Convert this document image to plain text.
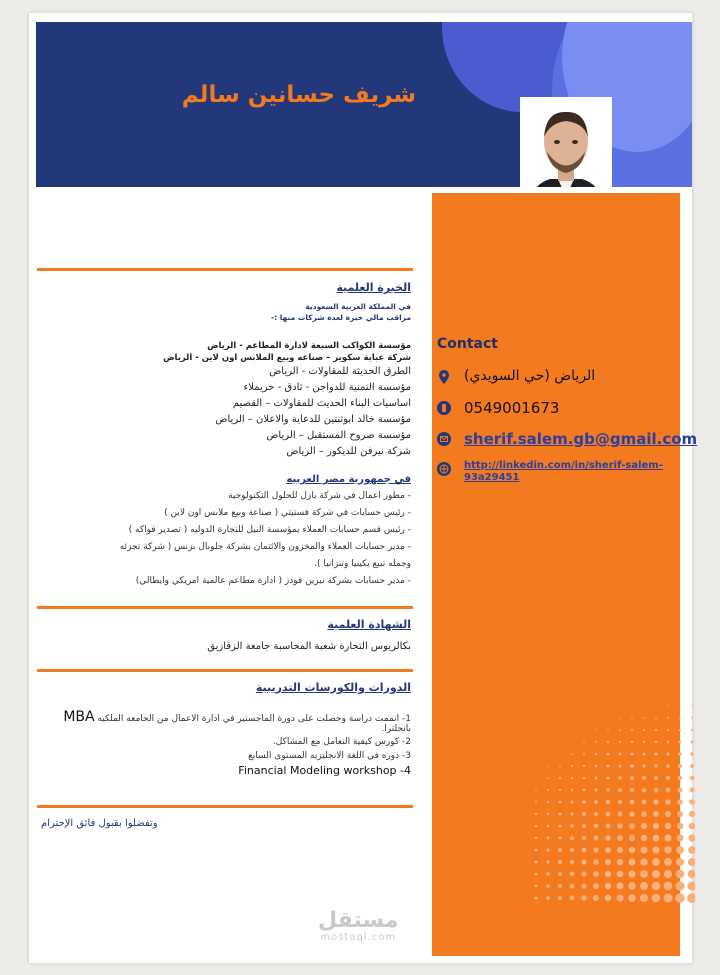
شريف حسانين سالم
Contact
الرياض (حي السويدي)
0549001673
sherif.salem.gb@gmail.com
http://linkedin.com/in/sherif-salem-93a29451
الخبرة العلمية
في المملكة العربية السعودية
مراقب مالي خبرة لعدة شركات منها :-
مؤسسة الكواكب السبعة لادارة المطاعم - الرياض
شركة عباية سكوير – صناعه وبيع الملابس اون لاين - الرياض
الطرق الحديثة للمقاولات - الرياض
مؤسسة التمنية للدواجن - ثادق - حريملاء
اساسيات البناء الحديث للمقاولات – القصيم
مؤسسة خالد ابوثنتين للدعاية والاعلان – الرياض
مؤسسة صروح المستقبل – الرياض
شركة نيرفن للديكور – الرياض
في جمهورية مصر العربيه
- مطور اعمال في شركة بازل للحلول التكنولوجية
- رئيس حسابات في شركة فستيتي ( صناعة وبيع ملابس اون لاين )
- رئيس قسم حسابات العملاء بمؤسسة النيل للتجارة الدوليه ( تصدير فواكه )
- مدير حسابات العملاء والمخزون والائتمان بشركة جلوبال بزنس ( شركة تجزئه
وجمله تبيع بكينيا وتنزانيا ).
- مدير حسابات بشركة نيرين فودز ( ادارة مطاعم عالمية امريكي وايطالي)
الشهادة العلمية
بكالريوس التجارة شعبة المحاسبة جامعة الزقازيق
الدورات والكورسات التدريبية
1- اتممت دراسة وحصلت على دورة الماجستير في ادارة الاعمال من الجامعه الملكيه MBA
بانجلترا.
2- كورس كيفية التعامل مع المشاكل.
3- دوره في اللغة الانجليزيه المستوى السابع
Financial Modeling workshop -4
وتفضلوا بقبول فائق الإحترام
مستقل
mostaql.com
